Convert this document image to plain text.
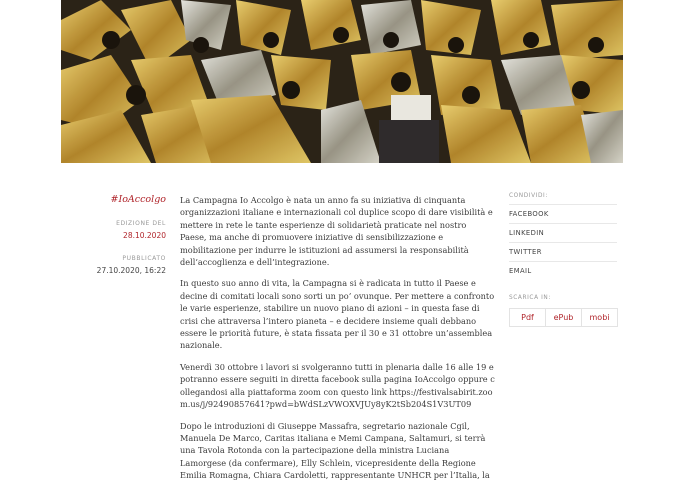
#IoAccolgo
EDIZIONE DEL
28.10.2020
PUBBLICATO
27.10.2020, 16:22

La Campagna Io Accolgo è nata un anno fa su iniziativa di cinquanta organizzazioni italiane e internazionali col duplice scopo di dare visibilità e mettere in rete le tante esperienze di solidarietà praticate nel nostro Paese, ma anche di promuovere iniziative di sensibilizzazione e mobilitazione per indurre le istituzioni ad assumersi la responsabilità dell’accoglienza e dell’integrazione.

In questo suo anno di vita, la Campagna si è radicata in tutto il Paese e decine di comitati locali sono sorti un po’ ovunque. Per mettere a confronto le varie esperienze, stabilire un nuovo piano di azioni – in questa fase di crisi che attraversa l’intero pianeta – e decidere insieme quali debbano essere le priorità future, è stata fissata per il 30 e 31 ottobre un’assemblea nazionale.

Venerdì 30 ottobre i lavori si svolgeranno tutti in plenaria dalle 16 alle 19 e potranno essere seguiti in diretta facebook sulla pagina IoAccolgo oppure collegandosi alla piattaforma zoom con questo link https://festivalsabirit.zoom.us/j/92490857641?pwd=bWdSLzVWOXVJUy8yK2tSb204S1V3UT09

Dopo le introduzioni di Giuseppe Massafra, segretario nazionale Cgil, Manuela De Marco, Caritas italiana e Memi Campana, Saltamuri, si terrà una Tavola Rotonda con la partecipazione della ministra Luciana Lamorgese (da confermare), Elly Schlein, vicepresidente della Regione Emilia Romagna, Chiara Cardoletti, rappresentante UNHCR per l’Italia, la

CONDIVIDI:
FACEBOOK
LINKEDIN
TWITTER
EMAIL
SCARICA IN:
Pdf	ePub	mobi
